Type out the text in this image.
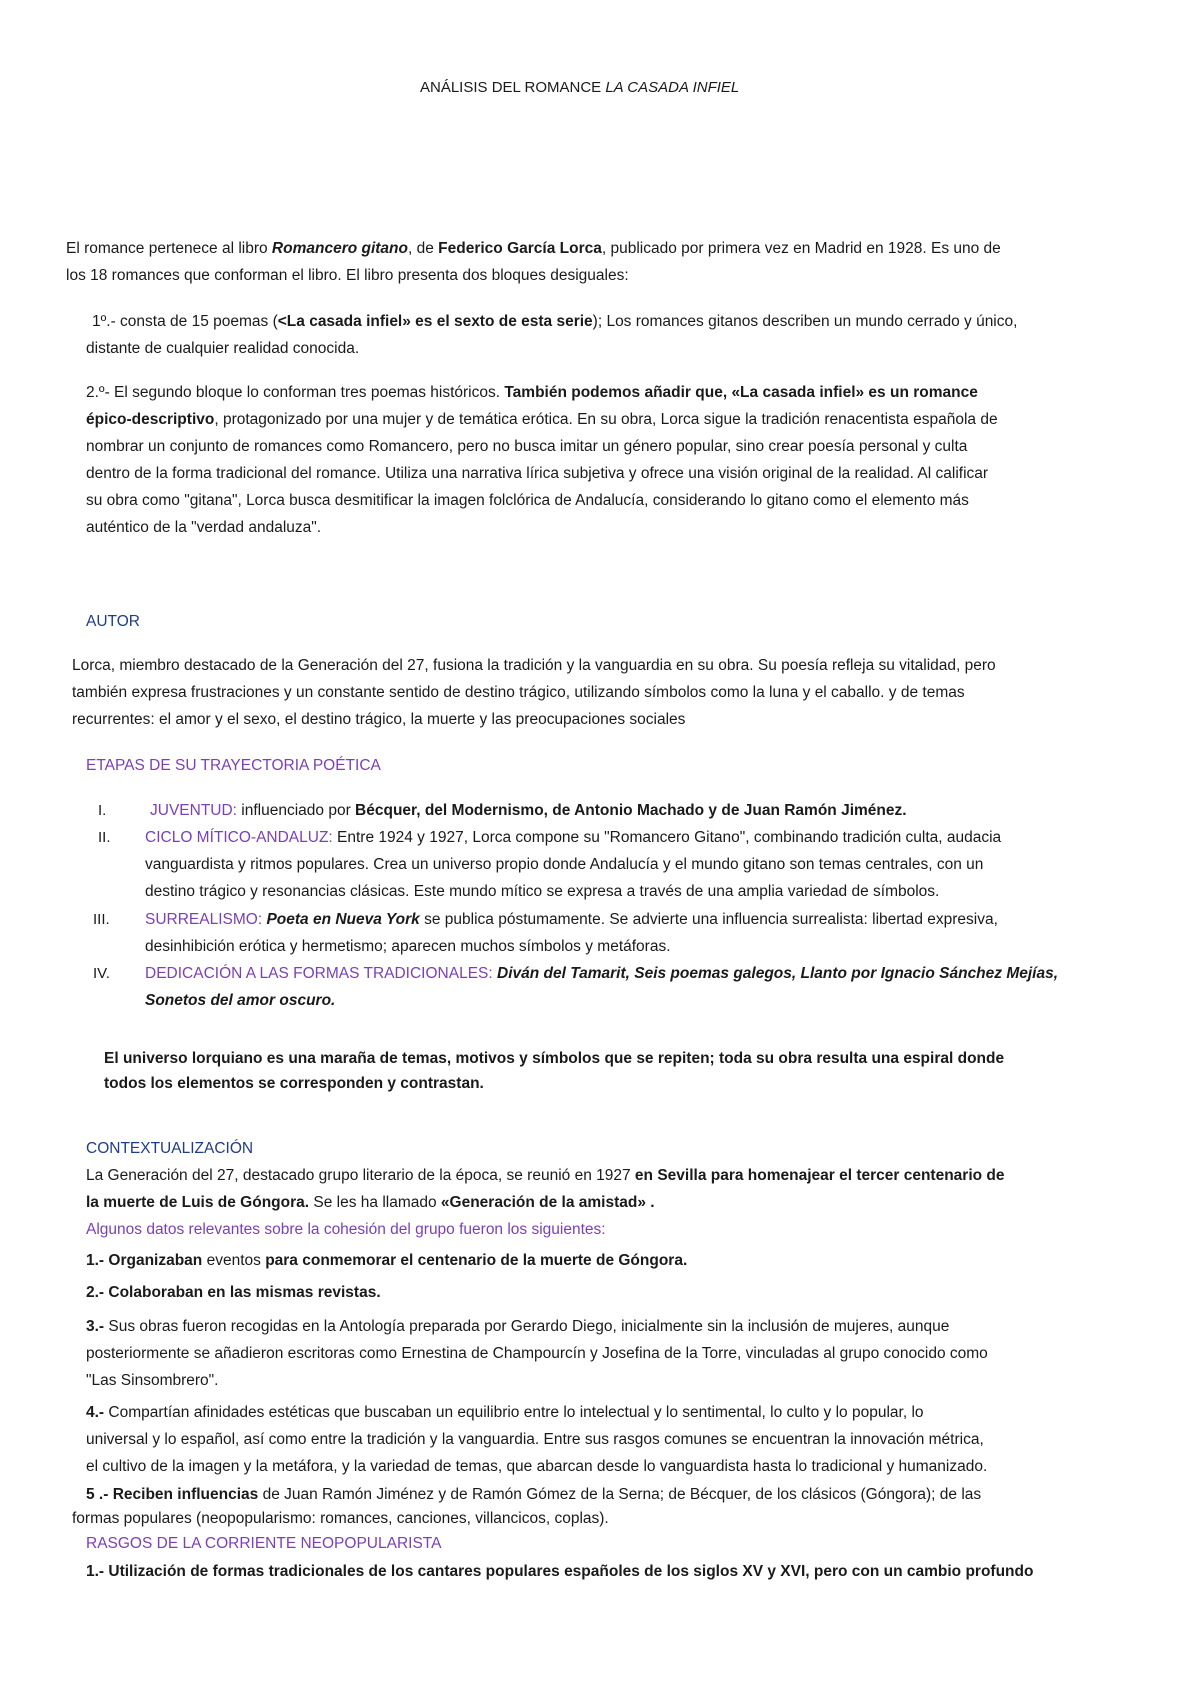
ANÁLISIS DEL ROMANCE LA CASADA INFIEL
El romance pertenece al libro Romancero gitano, de Federico García Lorca, publicado por primera vez en Madrid en 1928. Es uno de
los 18 romances que conforman el libro. El libro presenta dos bloques desiguales:
1º.- consta de 15 poemas (<La casada infiel» es el sexto de esta serie); Los romances gitanos describen un mundo cerrado y único,
distante de cualquier realidad conocida.
2.º- El segundo bloque lo conforman tres poemas históricos. También podemos añadir que, «La casada infiel» es un romance
épico-descriptivo, protagonizado por una mujer y de temática erótica. En su obra, Lorca sigue la tradición renacentista española de
nombrar un conjunto de romances como Romancero, pero no busca imitar un género popular, sino crear poesía personal y culta
dentro de la forma tradicional del romance. Utiliza una narrativa lírica subjetiva y ofrece una visión original de la realidad. Al calificar
su obra como "gitana", Lorca busca desmitificar la imagen folclórica de Andalucía, considerando lo gitano como el elemento más
auténtico de la "verdad andaluza".
AUTOR
Lorca, miembro destacado de la Generación del 27, fusiona la tradición y la vanguardia en su obra. Su poesía refleja su vitalidad, pero
también expresa frustraciones y un constante sentido de destino trágico, utilizando símbolos como la luna y el caballo. y de temas
recurrentes: el amor y el sexo, el destino trágico, la muerte y las preocupaciones sociales
ETAPAS DE SU TRAYECTORIA POÉTICA
I.	JUVENTUD: influenciado por Bécquer, del Modernismo, de Antonio Machado y de Juan Ramón Jiménez.
II. CICLO MÍTICO-ANDALUZ: Entre 1924 y 1927, Lorca compone su "Romancero Gitano", combinando tradición culta, audacia
vanguardista y ritmos populares. Crea un universo propio donde Andalucía y el mundo gitano son temas centrales, con un
destino trágico y resonancias clásicas. Este mundo mítico se expresa a través de una amplia variedad de símbolos.
III. SURREALISMO: Poeta en Nueva York se publica póstumamente. Se advierte una influencia surrealista: libertad expresiva,
desinhibición erótica y hermetismo; aparecen muchos símbolos y metáforas.
IV. DEDICACIÓN A LAS FORMAS TRADICIONALES: Diván del Tamarit, Seis poemas galegos, Llanto por Ignacio Sánchez Mejías,
Sonetos del amor oscuro.
El universo lorquiano es una maraña de temas, motivos y símbolos que se repiten; toda su obra resulta una espiral donde
todos los elementos se corresponden y contrastan.
CONTEXTUALIZACIÓN
La Generación del 27, destacado grupo literario de la época, se reunió en 1927 en Sevilla para homenajear el tercer centenario de
la muerte de Luis de Góngora. Se les ha llamado «Generación de la amistad» .
Algunos datos relevantes sobre la cohesión del grupo fueron los siguientes:
1.- Organizaban eventos para conmemorar el centenario de la muerte de Góngora.
2.- Colaboraban en las mismas revistas.
3.- Sus obras fueron recogidas en la Antología preparada por Gerardo Diego, inicialmente sin la inclusión de mujeres, aunque
posteriormente se añadieron escritoras como Ernestina de Champourcín y Josefina de la Torre, vinculadas al grupo conocido como
"Las Sinsombrero".
4.- Compartían afinidades estéticas que buscaban un equilibrio entre lo intelectual y lo sentimental, lo culto y lo popular, lo
universal y lo español, así como entre la tradición y la vanguardia. Entre sus rasgos comunes se encuentran la innovación métrica,
el cultivo de la imagen y la metáfora, y la variedad de temas, que abarcan desde lo vanguardista hasta lo tradicional y humanizado.
5 .- Reciben influencias de Juan Ramón Jiménez y de Ramón Gómez de la Serna; de Bécquer, de los clásicos (Góngora); de las
formas populares (neopopularismo: romances, canciones, villancicos, coplas).
RASGOS DE LA CORRIENTE NEOPOPULARISTA
1.- Utilización de formas tradicionales de los cantares populares españoles de los siglos XV y XVI, pero con un cambio profundo
